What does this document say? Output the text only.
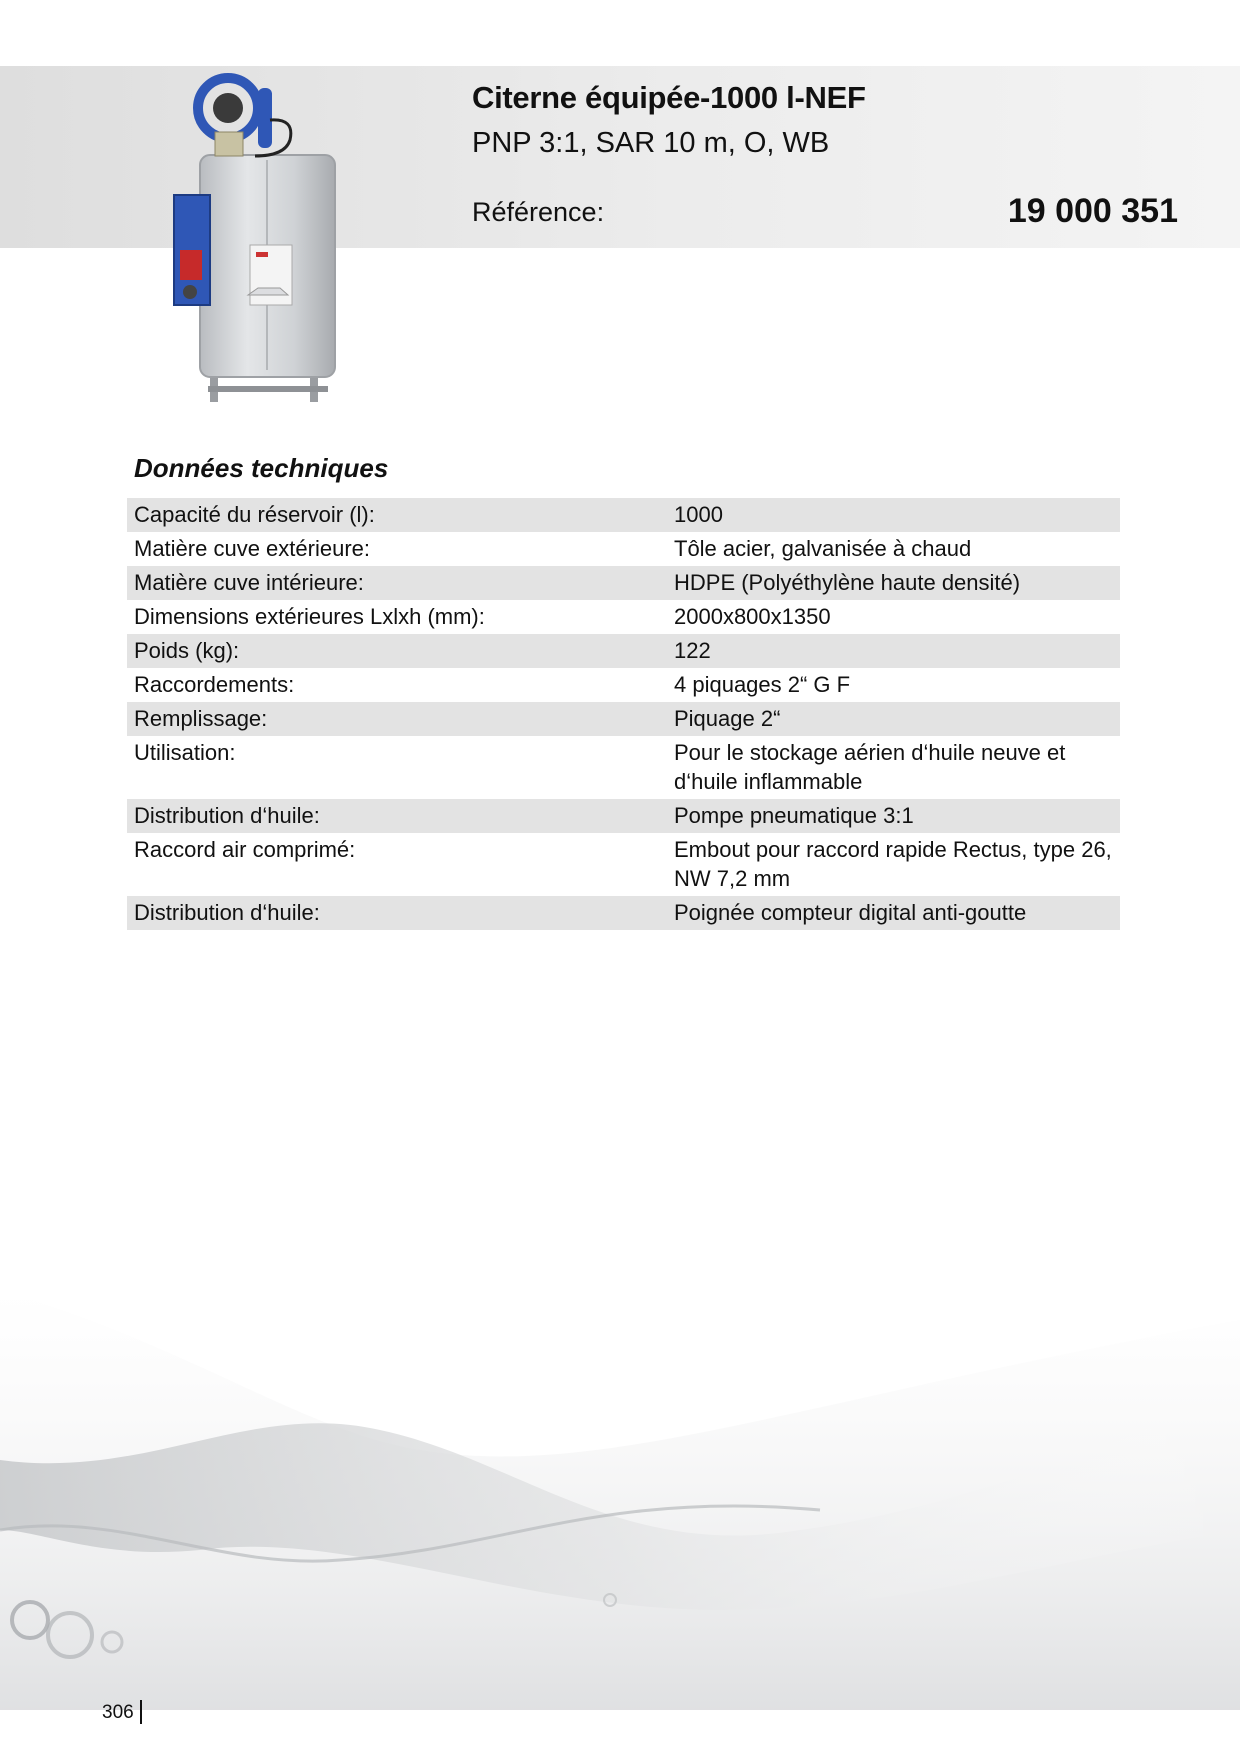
Citerne équipée-1000 l-NEF
PNP 3:1, SAR 10 m, O, WB
Référence:	19 000 351
Données techniques
Capacité du réservoir (l):	1000
Matière cuve extérieure:	Tôle acier, galvanisée à chaud
Matière cuve intérieure:	HDPE (Polyéthylène haute densité)
Dimensions extérieures Lxlxh (mm):	2000x800x1350
Poids (kg):	122
Raccordements:	4 piquages 2“ G F
Remplissage:	Piquage 2“
Utilisation:	Pour le stockage aérien d‘huile neuve et d‘huile inflammable
Distribution d‘huile:	Pompe pneumatique 3:1
Raccord air comprimé:	Embout pour raccord rapide Rectus, type 26, NW 7,2 mm
Distribution d‘huile:	Poignée compteur digital anti-goutte
306
